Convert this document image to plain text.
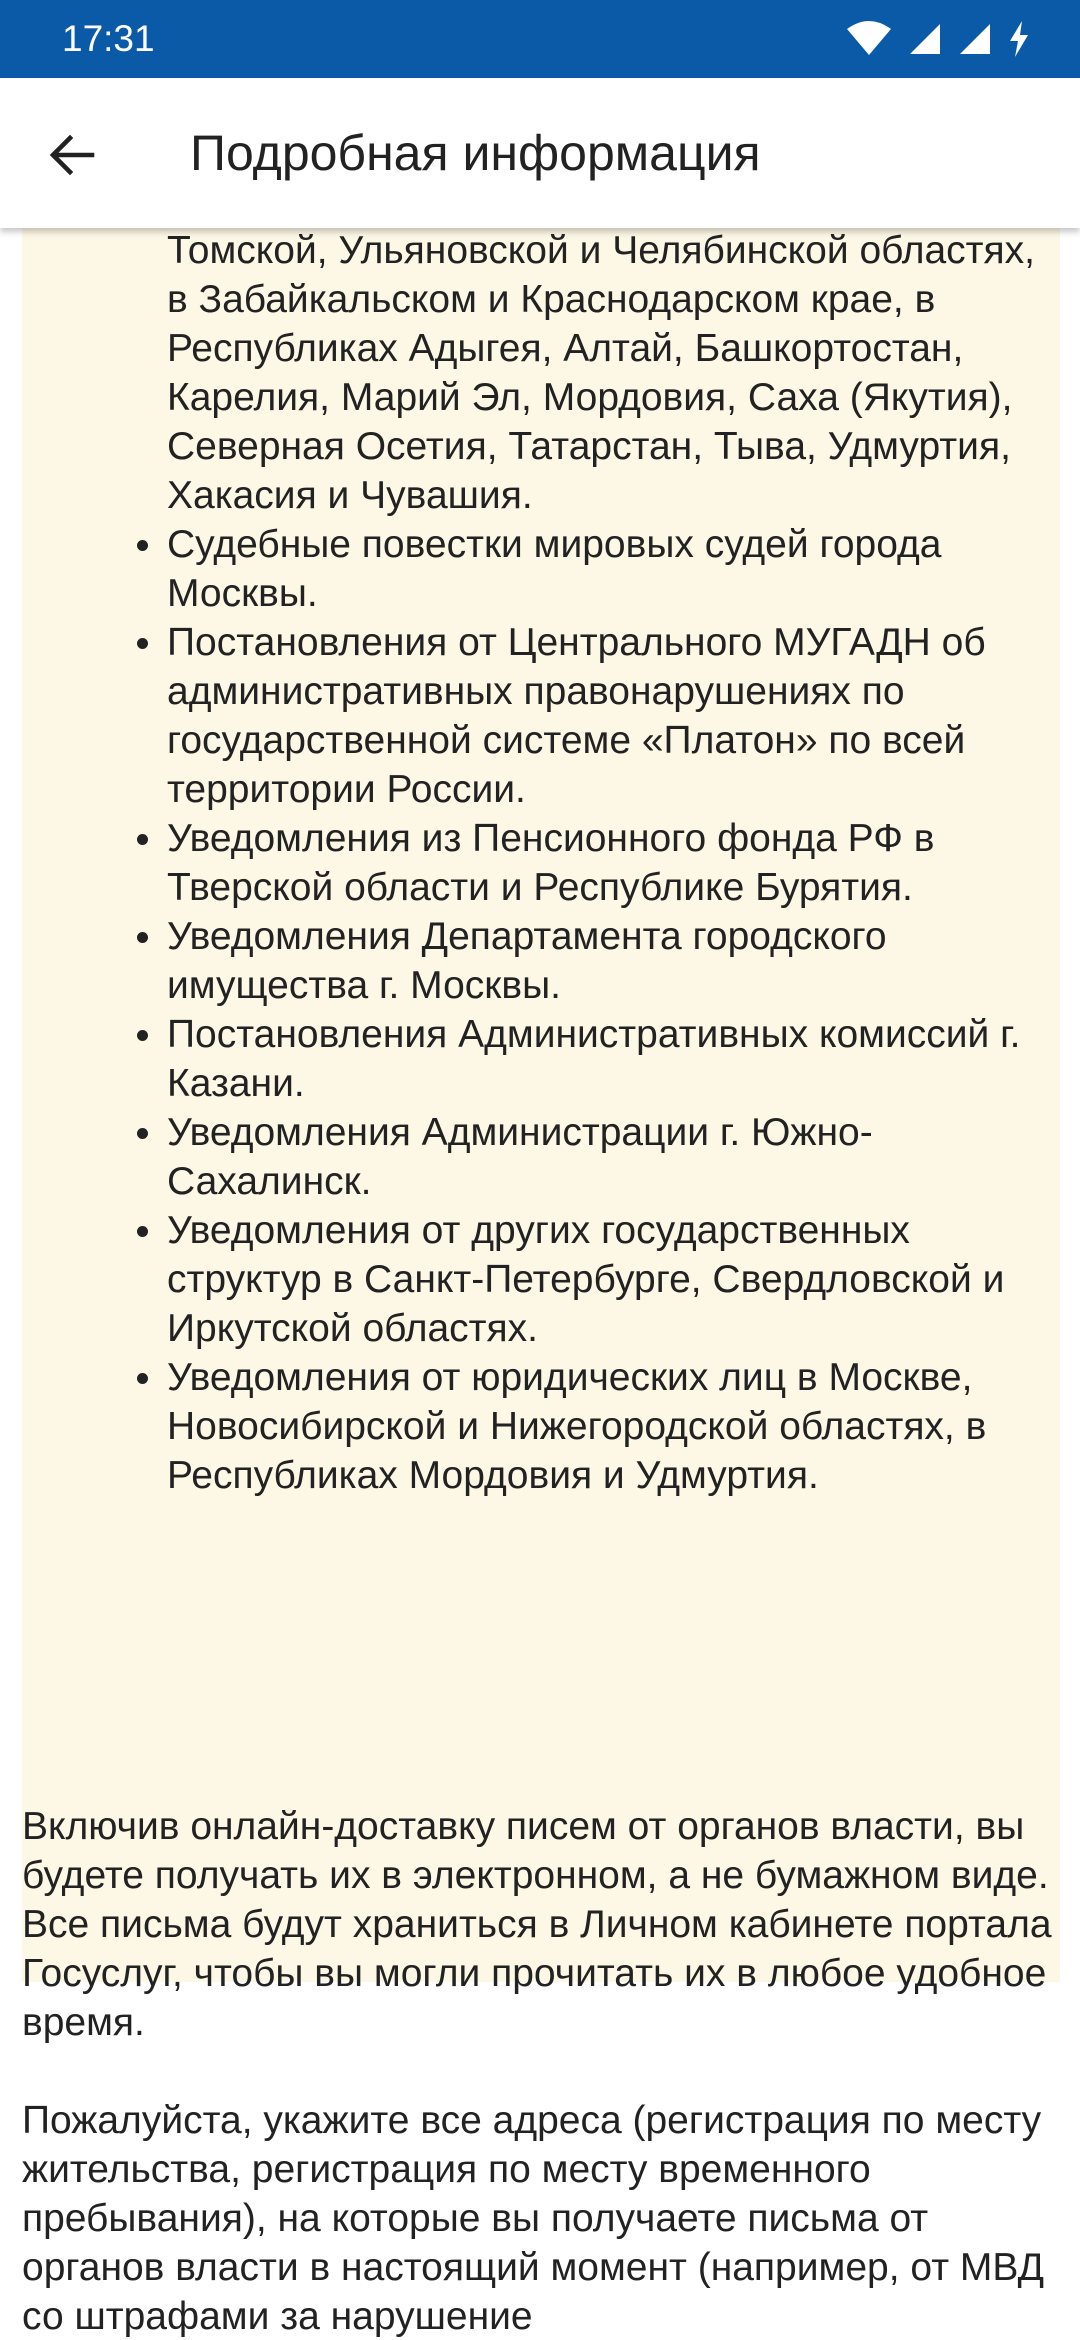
17:31
Подробная информация
Томской, Ульяновской и Челябинской областях, в Забайкальском и Краснодарском крае, в Республиках Адыгея, Алтай, Башкортостан, Карелия, Марий Эл, Мордовия, Саха (Якутия), Северная Осетия, Татарстан, Тыва, Удмуртия, Хакасия и Чувашия.
Судебные повестки мировых судей города Москвы.
Постановления от Центрального МУГАДН об административных правонарушениях по государственной системе «Платон» по всей территории России.
Уведомления из Пенсионного фонда РФ в Тверской области и Республике Бурятия.
Уведомления Департамента городского имущества г. Москвы.
Постановления Административных комиссий г. Казани.
Уведомления Администрации г. Южно-Сахалинск.
Уведомления от других государственных структур в Санкт-Петербурге, Свердловской и Иркутской областях.
Уведомления от юридических лиц в Москве, Новосибирской и Нижегородской областях, в Республиках Мордовия и Удмуртия.

Включив онлайн-доставку писем от органов власти, вы будете получать их в электронном, а не бумажном виде. Все письма будут храниться в Личном кабинете портала Госуслуг, чтобы вы могли прочитать их в любое удобное время.

Пожалуйста, укажите все адреса (регистрация по месту жительства, регистрация по месту временного пребывания), на которые вы получаете письма от органов власти в настоящий момент (например, от МВД со штрафами за нарушение
